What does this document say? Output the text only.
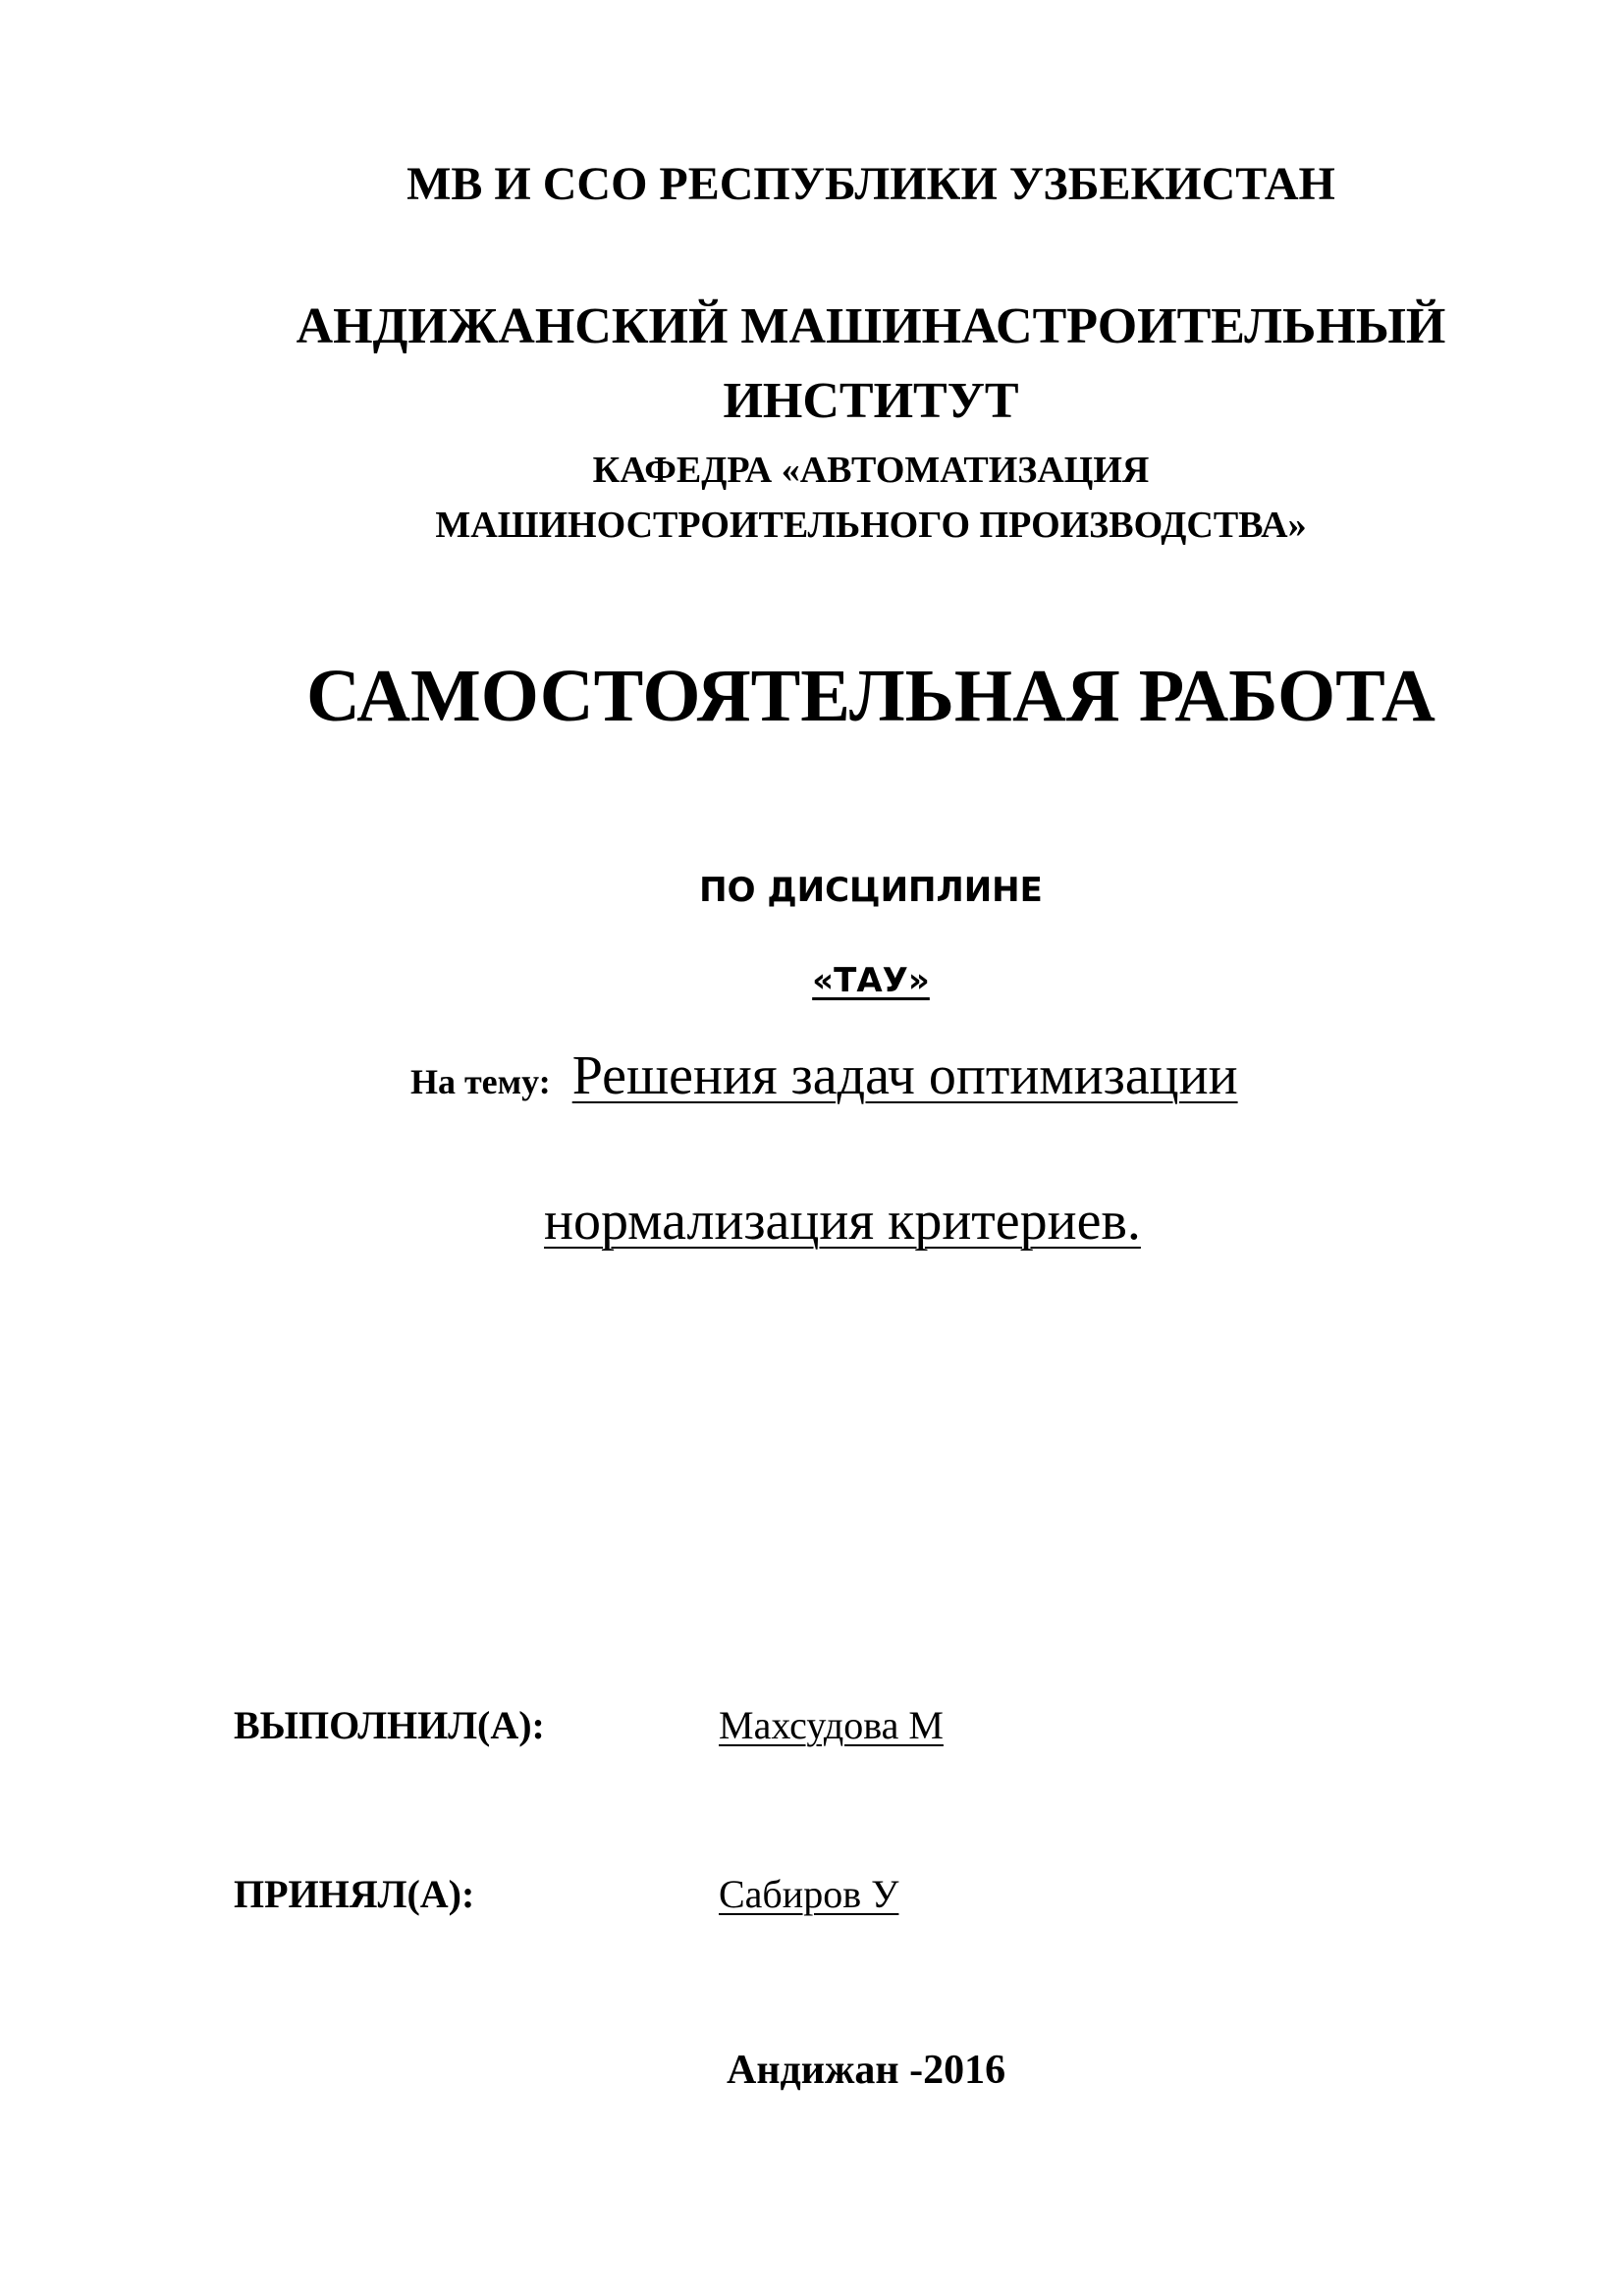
МВ И ССО РЕСПУБЛИКИ УЗБЕКИСТАН
АНДИЖАНСКИЙ МАШИНАСТРОИТЕЛЬНЫЙ
ИНСТИТУТ
КАФЕДРА «АВТОМАТИЗАЦИЯ
МАШИНОСТРОИТЕЛЬНОГО ПРОИЗВОДСТВА»
САМОСТОЯТЕЛЬНАЯ РАБОТА
ПО ДИСЦИПЛИНЕ
«ТАУ»
На тему: Решения задач оптимизации
нормализация критериев.
ВЫПОЛНИЛ(А):	Махсудова М
ПРИНЯЛ(А):	Сабиров У
Андижан -2016
